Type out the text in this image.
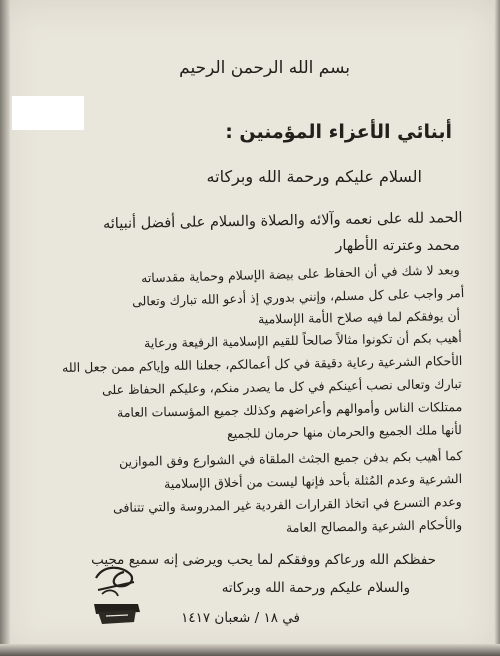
بسم الله الرحمن الرحيم
أبنائي الأعزاء المؤمنين :
السلام عليكم ورحمة الله وبركاته
الحمد لله على نعمه وآلائه والصلاة والسلام على أفضل أنبيائه
محمد وعترته الأطهار
وبعد لا شك في أن الحفاظ على بيضة الإسلام وحماية مقدساته
أمر واجب على كل مسلم، وإنني بدوري إذ أدعو الله تبارك وتعالى
أن يوفقكم لما فيه صلاح الأمة الإسلامية
أهيب بكم أن تكونوا مثالاً صالحاً للقيم الإسلامية الرفيعة ورعاية
الأحكام الشرعية رعاية دقيقة في كل أعمالكم، جعلنا الله وإياكم ممن جعل الله
تبارك وتعالى نصب أعينكم في كل ما يصدر منكم، وعليكم الحفاظ على
ممتلكات الناس وأموالهم وأعراضهم وكذلك جميع المؤسسات العامة
لأنها ملك الجميع والحرمان منها حرمان للجميع
كما أهيب بكم بدفن جميع الجثث الملقاة في الشوارع وفق الموازين
الشرعية وعدم المُثلة بأحد فإنها ليست من أخلاق الإسلامية
وعدم التسرع في اتخاذ القرارات الفردية غير المدروسة والتي تتنافى
والأحكام الشرعية والمصالح العامة
حفظكم الله ورعاكم ووفقكم لما يحب ويرضى إنه سميع مجيب
والسلام عليكم ورحمة الله وبركاته
في ١٨ / شعبان ١٤١٧
